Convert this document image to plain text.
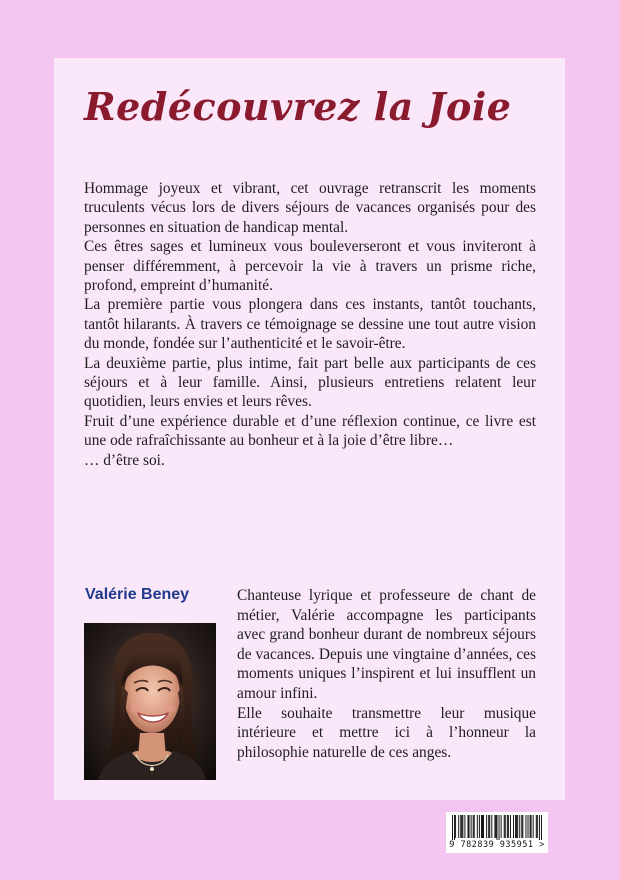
Redécouvrez la Joie

Hommage joyeux et vibrant, cet ouvrage retranscrit les moments truculents vécus lors de divers séjours de vacances organisés pour des personnes en situation de handicap mental.

Ces êtres sages et lumineux vous bouleverseront et vous inviteront à penser différemment, à percevoir la vie à travers un prisme riche, profond, empreint d’humanité.

La première partie vous plongera dans ces instants, tantôt touchants, tantôt hilarants. À travers ce témoignage se dessine une tout autre vision du monde, fondée sur l’authenticité et le savoir-être.

La deuxième partie, plus intime, fait part belle aux participants de ces séjours et à leur famille. Ainsi, plusieurs entretiens relatent leur quotidien, leurs envies et leurs rêves.

Fruit d’une expérience durable et d’une réflexion continue, ce livre est une ode rafraîchissante au bonheur et à la joie d’être libre…

… d’être soi.

Valérie Beney	Chanteuse lyrique et professeure de chant de métier, Valérie accompagne les participants avec grand bonheur durant de nombreux séjours de vacances. Depuis une vingtaine d’années, ces moments uniques l’inspirent et lui insufflent un amour infini.

Elle souhaite transmettre leur musique intérieure et mettre ici à l’honneur la philosophie naturelle de ces anges.

9 782839 935951 >
